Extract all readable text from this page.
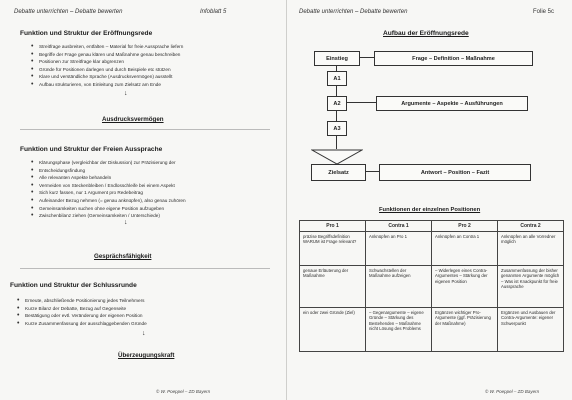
Debatte unterrichten – Debatte bewerten	Infoblatt 5
Funktion und Struktur der Eröffnungsrede
• Streitfrage ausbreiten, entfalten – Material für freie Aussprache liefern
• Begriffe der Frage genau klären und Maßnahme genau beschreiben
• Positionen zur Streitfrage klar abgrenzen
• Gründe für Positionen darlegen und durch Beispiele etc stützen
• Klare und verständliche Sprache (Ausdrucksvermögen) ausstellt
• Aufbau strukturieren, von Einleitung zum Zielsatz am Ende
↓
Ausdrucksvermögen
Funktion und Struktur der Freien Aussprache
• Klärungsphase (vergleichbar der Diskussion) zur Präzisierung der
• Entscheidungsfindung
• Alle relevanten Aspekte behandeln
• Vermeiden von Steckenbleiben / Endlosschleife bei einem Aspekt
• Sich kurz fassen, nur 1 Argument pro Redebeitrag
• Aufeinander Bezug nehmen (= genau anknüpfen), also genau zuhören
• Gemeinsamkeiten suchen ohne eigene Position aufzugeben
• Zwischenbilanz ziehen (Gemeinsamkeiten / Unterschiede)
↓
Gesprächsfähigkeit
Funktion und Struktur der Schlussrunde
• Erneute, abschließende Positionierung jedes Teilnehmers
• Kurze Bilanz der Debatte, Bezug auf Gegenseite
• Bestätigung oder evtl. Veränderung der eigenen Position
• Kurze Zusammenfassung der ausschlaggebenden Gründe
↓
Überzeugungskraft
© W. Poeppel – ZD Bayern
Debatte unterrichten – Debatte bewerten	Folie 5c
Aufbau der Eröffnungsrede
Einstieg	Frage – Definition – Maßnahme
A1
A2	Argumente – Aspekte – Ausführungen
A3
Zielsatz	Antwort – Position – Fazit
Funktionen der einzelnen Positionen
Pro 1	Contra 1	Pro 2	Contra 2
präzise Begriffsdefinition WARUM ist Frage relevant?	Anknüpfen an Pro 1	Anknüpfen an Contra 1	Anknüpfen an alle Vorredner möglich
genaue Erläuterung der Maßnahme	Schwachstellen der Maßnahme aufzeigen	– Widerlegen eines Contra-Argumentes – Stärkung der eigenen Position	Zusammenfassung der bisher genannten Argumente möglich – Was ist Knackpunkt für freie Aussprache
ein oder zwei Gründe (Ziel)	– Gegenargumente – eigene Gründe – Stärkung des Bestehenden – Maßnahme nicht Lösung des Problems	Ergänzen wichtiger Pro-Argumente (ggf. Präzisierung der Maßnahme)	Ergänzen und Ausbauen der Contra-Argumente: eigener Schwerpunkt
© W. Poeppel – ZD Bayern
